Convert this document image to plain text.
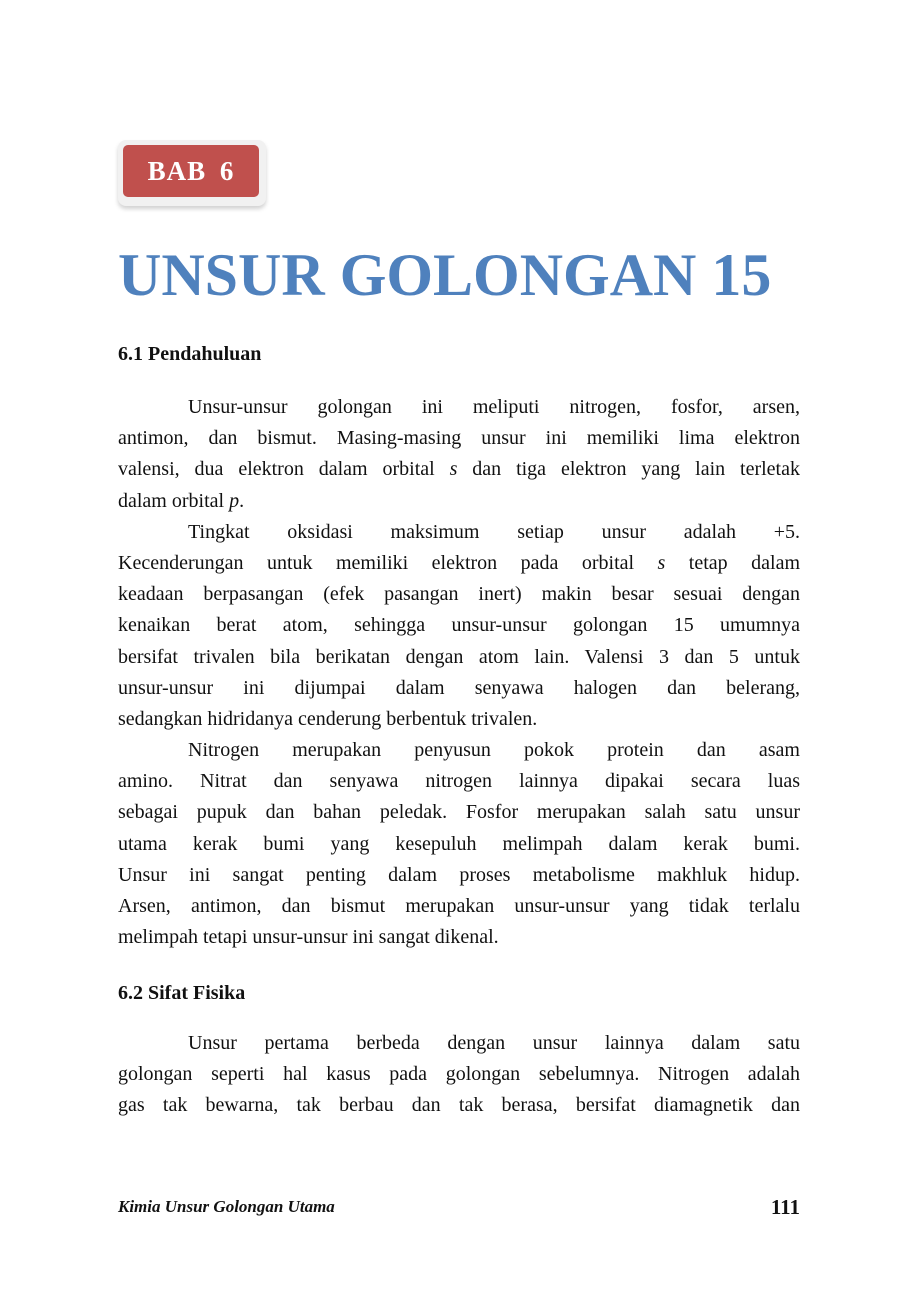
BAB 6
UNSUR GOLONGAN 15
6.1 Pendahuluan
Unsur-unsur golongan ini meliputi nitrogen, fosfor, arsen,
antimon, dan bismut. Masing-masing unsur ini memiliki lima elektron
valensi, dua elektron dalam orbital s dan tiga elektron yang lain terletak
dalam orbital p.
Tingkat oksidasi maksimum setiap unsur adalah +5.
Kecenderungan untuk memiliki elektron pada orbital s tetap dalam
keadaan berpasangan (efek pasangan inert) makin besar sesuai dengan
kenaikan berat atom, sehingga unsur-unsur golongan 15 umumnya
bersifat trivalen bila berikatan dengan atom lain. Valensi 3 dan 5 untuk
unsur-unsur ini dijumpai dalam senyawa halogen dan belerang,
sedangkan hidridanya cenderung berbentuk trivalen.
Nitrogen merupakan penyusun pokok protein dan asam
amino. Nitrat dan senyawa nitrogen lainnya dipakai secara luas
sebagai pupuk dan bahan peledak. Fosfor merupakan salah satu unsur
utama kerak bumi yang kesepuluh melimpah dalam kerak bumi.
Unsur ini sangat penting dalam proses metabolisme makhluk hidup.
Arsen, antimon, dan bismut merupakan unsur-unsur yang tidak terlalu
melimpah tetapi unsur-unsur ini sangat dikenal.
6.2 Sifat Fisika
Unsur pertama berbeda dengan unsur lainnya dalam satu
golongan seperti hal kasus pada golongan sebelumnya. Nitrogen adalah
gas tak bewarna, tak berbau dan tak berasa, bersifat diamagnetik dan
Kimia Unsur Golongan Utama	111
